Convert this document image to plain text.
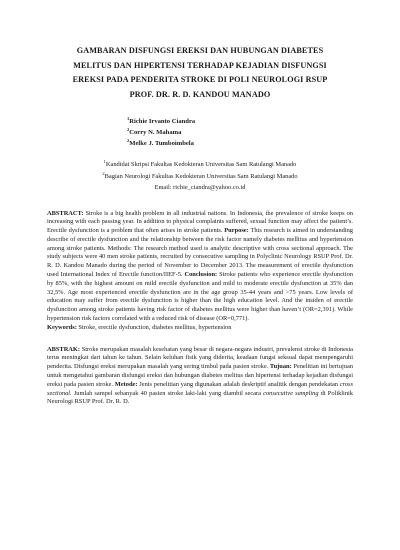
GAMBARAN DISFUNGSI EREKSI DAN HUBUNGAN DIABETES
MELITUS DAN HIPERTENSI TERHADAP KEJADIAN DISFUNGSI
EREKSI PADA PENDERITA STROKE DI POLI NEUROLOGI RSUP
PROF. DR. R. D. KANDOU MANADO
$^1$Richie Irvanto Ciandra
$^2$Corry N. Mahama
$^2$Melke J. Tumboimbela
$^1$Kandidat Skripsi Fakultas Kedokteran Universitas Sam Ratulangi Manado
$^2$Bagian Neurologi Fakultas Kedokteran Universitas Sam Ratulangi Manado
Email: richie_ciandra@yahoo.co.id

ABSTRACT: Stroke is a big health problem in all industrial nations. In Indonesia, the prevalence of stroke keeps on increasing with each passing year. In addition to physical complaints suffered, sexual function may affect the patient’s. Erectile dysfunction is a problem that often arises in stroke patients. Purpose: This research is aimed in understanding describe of erectile dysfunction and the relationship between the risk factor namely diabetes mellitus and hypertension among stroke patients. Methods: The research method used is analytic descriptive with cross sectional approach. The study subjects were 40 men stroke patients, recruited by consecutive sampling in Polyclinic Neurology RSUP Prof. Dr. R. D. Kandou Manado during the period of November to December 2013. The measurement of erectile dysfunction used International Index of Erectile function/IIEF-5. Conclusion: Stroke patients who experience erectile dysfunction by 85%, with the highest amount on mild erectile dysfunction and mild to moderate erectile dysfunction at 35% dan 32,5%. Age most experienced erectile dysfunction are in the age group 35-44 years and >75 years. Low levels of education may suffer from erectile dysfunction is higher than the high education level. And the insiden of erectile dysfunction among stroke patients having risk factor of diabetes mellitus were higher than haven’t (OR=2,391). While hypertension risk factors correlated with a reduced risk of disease (OR=0,771).

Keywords: Stroke, erectile dysfunction, diabetes mellitus, hypertension

ABSTRAK: Stroke merupakan masalah kesehatan yang besar di negara-negara industri, prevalensi stroke di Indonesia terus meningkat dari tahun ke tahun. Selain keluhan fisik yang diderita, keadaan fungsi seksual dapat mempengaruhi penderita. Disfungsi ereksi merupakan masalah yang sering timbul pada pasien stroke. Tujuan: Penelitian ini bertujuan untuk mengetahui gambaran disfungsi ereksi dan hubungan diabetes melitus dan hipertensi terhadap kejadian disfungsi ereksi pada pasien stroke. Metode: Jenis penelitian yang digunakan adalah deskriptif analitik dengan pendekatan cross sectional. Jumlah sampel sebanyak 40 pasien stroke laki-laki yang diambil secara consecutive sampling di Poliklinik Neurologi RSUP Prof. Dr. R. D.
